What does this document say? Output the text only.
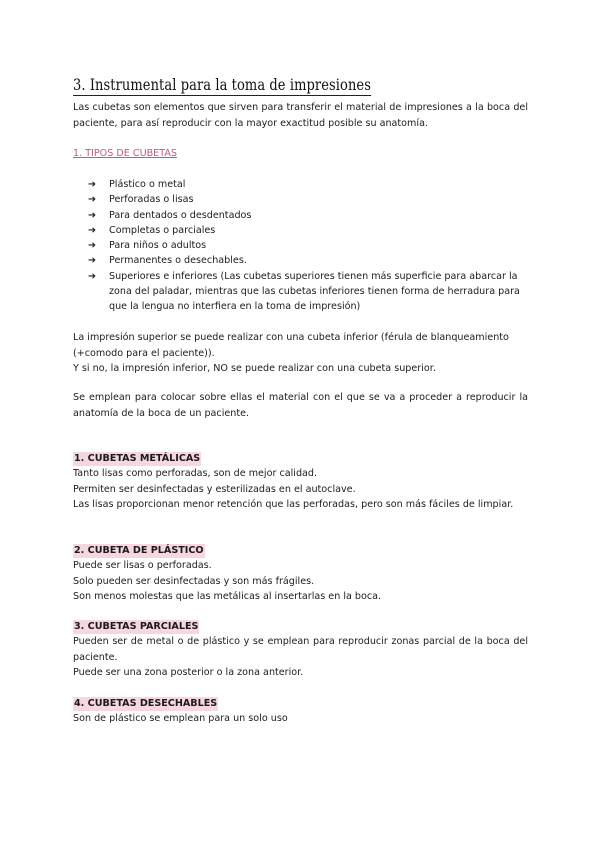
3. Instrumental para la toma de impresiones
Las cubetas son elementos que sirven para transferir el material de impresiones a la boca del paciente, para así reproducir con la mayor exactitud posible su anatomía.
1. TIPOS DE CUBETAS
➔ Plástico o metal
➔ Perforadas o lisas
➔ Para dentados o desdentados
➔ Completas o parciales
➔ Para niños o adultos
➔ Permanentes o desechables.
➔ Superiores e inferiores (Las cubetas superiores tienen más superficie para abarcar la zona del paladar, mientras que las cubetas inferiores tienen forma de herradura para que la lengua no interfiera en la toma de impresión)
La impresión superior se puede realizar con una cubeta inferior (férula de blanqueamiento
(+comodo para el paciente)).
Y si no, la impresión inferior, NO se puede realizar con una cubeta superior.
Se emplean para colocar sobre ellas el material con el que se va a proceder a reproducir la anatomía de la boca de un paciente.
1. CUBETAS METÁLICAS
Tanto lisas como perforadas, son de mejor calidad.
Permiten ser desinfectadas y esterilizadas en el autoclave.
Las lisas proporcionan menor retención que las perforadas, pero son más fáciles de limpiar.
2. CUBETA DE PLÁSTICO
Puede ser lisas o perforadas.
Solo pueden ser desinfectadas y son más frágiles.
Son menos molestas que las metálicas al insertarlas en la boca.
3. CUBETAS PARCIALES
Pueden ser de metal o de plástico y se emplean para reproducir zonas parcial de la boca del paciente.
Puede ser una zona posterior o la zona anterior.
4. CUBETAS DESECHABLES
Son de plástico se emplean para un solo uso
